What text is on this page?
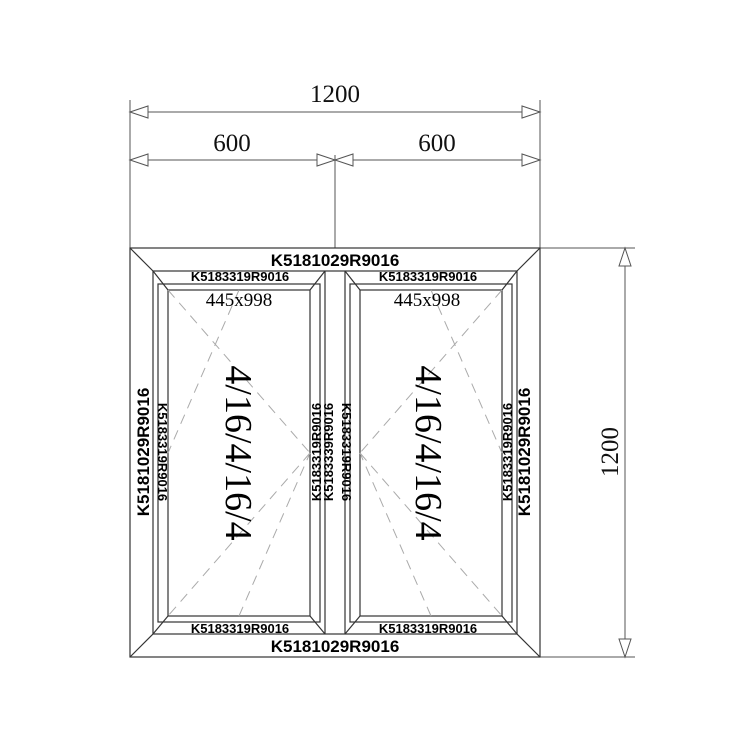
1200
600	600
1200
K5181029R9016
K5181029R9016
K5181029R9016	K5181029R9016
K5183319R9016
K5183319R9016
K5183319R9016	K5183319R9016
445x998
4/16/4/16/4	K5183339R9016
K5183319R9016
K5183319R9016
K5183319R9016	K5183319R9016
445x998
4/16/4/16/4
